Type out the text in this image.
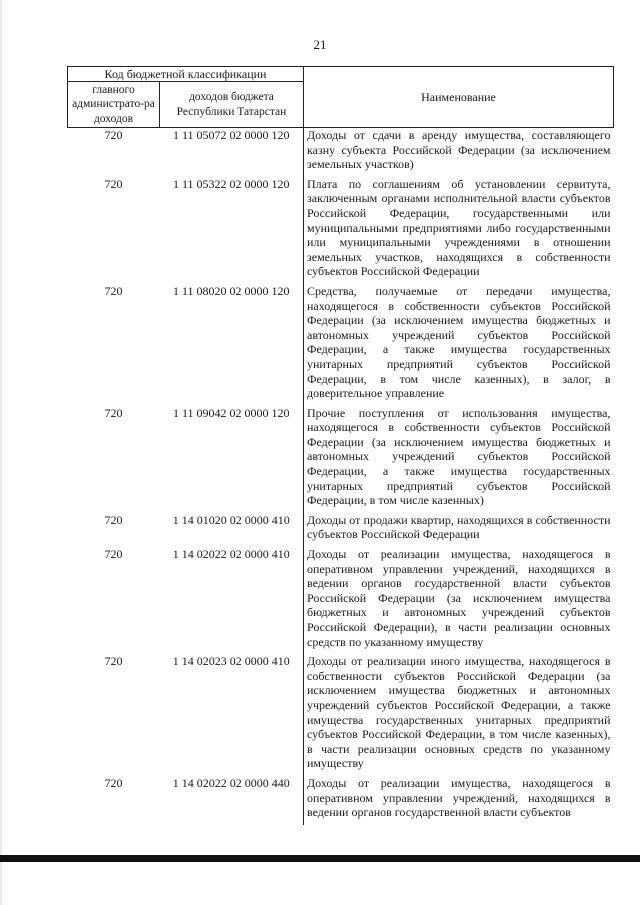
21
Код бюджетной классификации		Наименование
главного администрато-ра доходов	доходов бюджета Республики Татарстан	
720	1 11 05072 02 0000 120	Доходы от сдачи в аренду имущества, составляющего казну субъекта Российской Федерации (за исключением земельных участков)
720	1 11 05322 02 0000 120	Плата по соглашениям об установлении сервитута, заключенным органами исполнительной власти субъектов Российской Федерации, государственными или муниципальными предприятиями либо государственными или муниципальными учреждениями в отношении земельных участков, находящихся в собственности субъектов Российской Федерации
720	1 11 08020 02 0000 120	Средства, получаемые от передачи имущества, находящегося в собственности субъектов Российской Федерации (за исключением имущества бюджетных и автономных учреждений субъектов Российской Федерации, а также имущества государственных унитарных предприятий субъектов Российской Федерации, в том числе казенных), в залог, в доверительное управление
720	1 11 09042 02 0000 120	Прочие поступления от использования имущества, находящегося в собственности субъектов Российской Федерации (за исключением имущества бюджетных и автономных учреждений субъектов Российской Федерации, а также имущества государственных унитарных предприятий субъектов Российской Федерации, в том числе казенных)
720	1 14 01020 02 0000 410	Доходы от продажи квартир, находящихся в собственности субъектов Российской Федерации
720	1 14 02022 02 0000 410	Доходы от реализации имущества, находящегося в оперативном управлении учреждений, находящихся в ведении органов государственной власти субъектов Российской Федерации (за исключением имущества бюджетных и автономных учреждений субъектов Российской Федерации), в части реализации основных средств по указанному имуществу
720	1 14 02023 02 0000 410	Доходы от реализации иного имущества, находящегося в собственности субъектов Российской Федерации (за исключением имущества бюджетных и автономных учреждений субъектов Российской Федерации, а также имущества государственных унитарных предприятий субъектов Российской Федерации, в том числе казенных), в части реализации основных средств по указанному имуществу
720	1 14 02022 02 0000 440	Доходы от реализации имущества, находящегося в оперативном управлении учреждений, находящихся в ведении органов государственной власти субъектов
